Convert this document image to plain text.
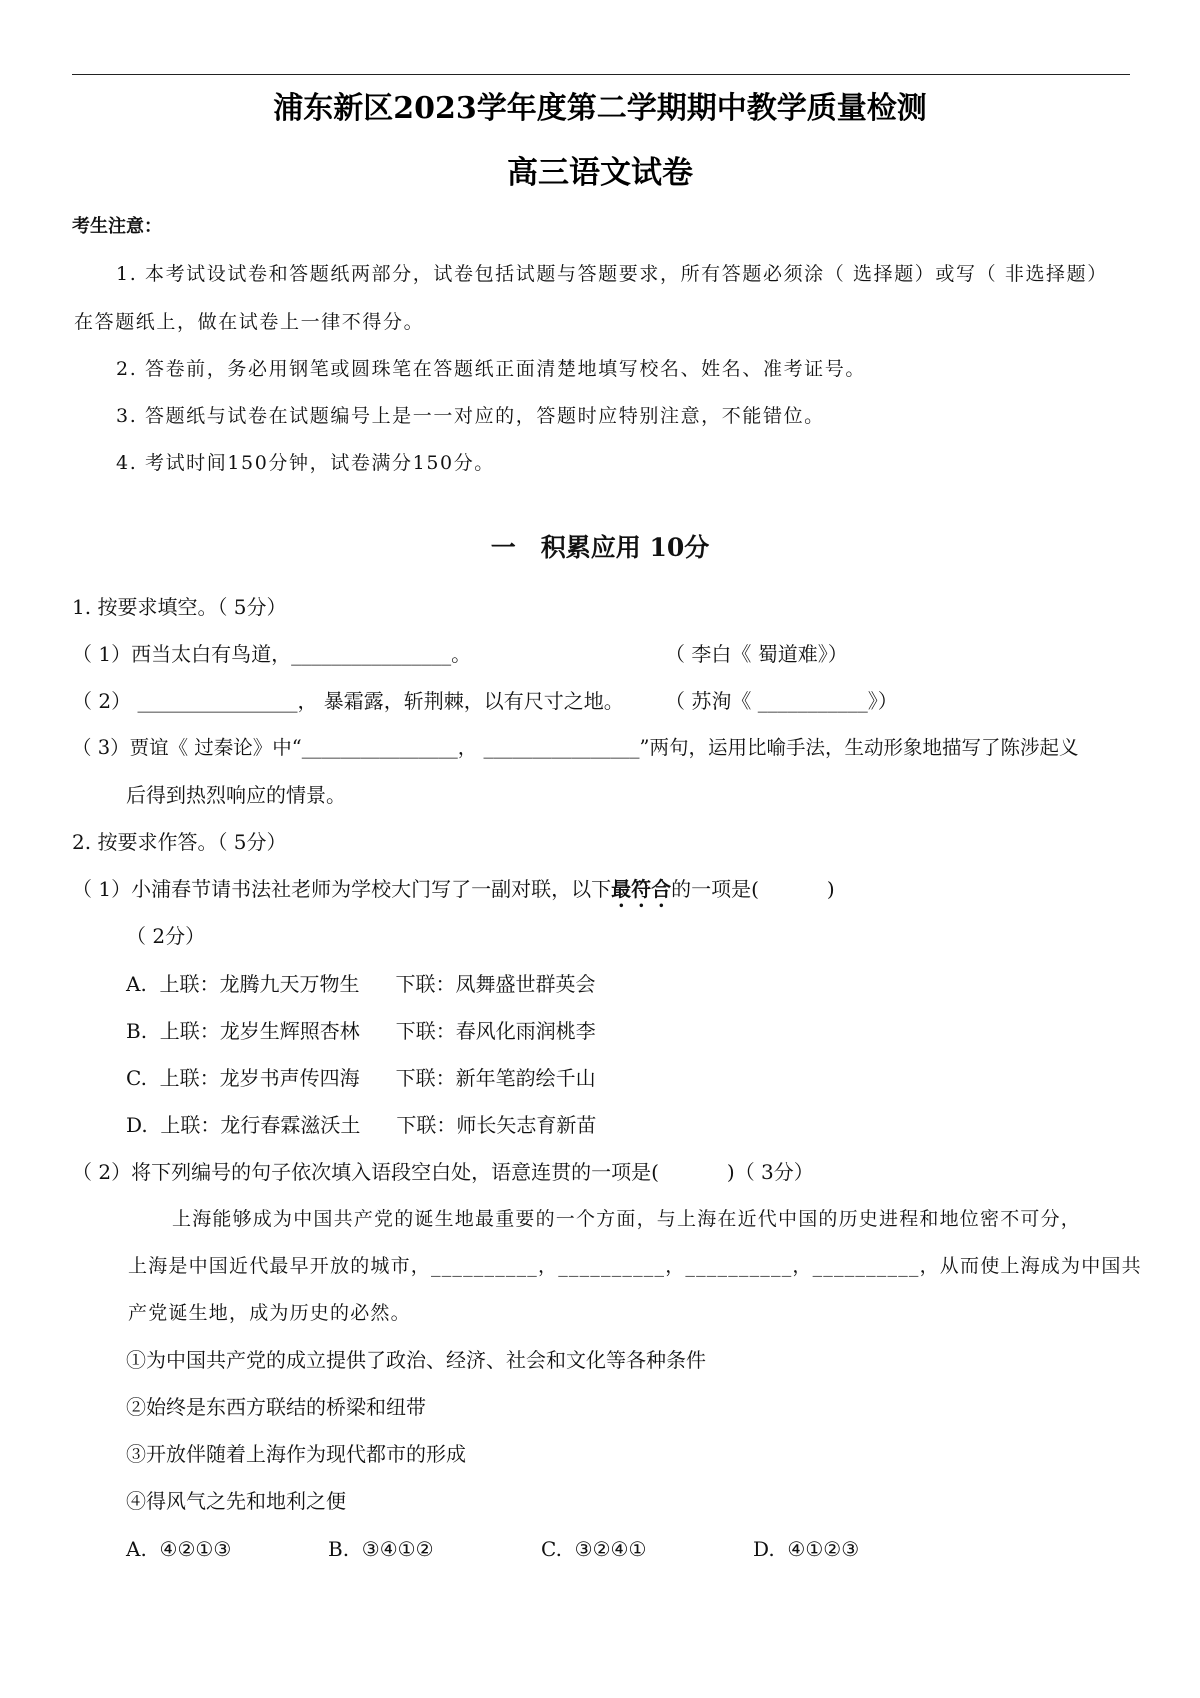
浦东新区2023学年度第二学期期中教学质量检测
高三语文试卷
考生注意：
1. 本考试设试卷和答题纸两部分，试卷包括试题与答题要求，所有答题必须涂（ 选择题）或写（ 非选择题）
在答题纸上，做在试卷上一律不得分。
2. 答卷前，务必用钢笔或圆珠笔在答题纸正面清楚地填写校名、姓名、准考证号。
3. 答题纸与试卷在试题编号上是一一对应的，答题时应特别注意，不能错位。
4. 考试时间150分钟，试卷满分150分。
一　积累应用 10分
1. 按要求填空。（ 5分）
（ 1）西当太白有鸟道，________________。	（ 李白《 蜀道难》）
（ 2） ________________， 暴霜露，斩荆棘，以有尺寸之地。 （ 苏洵《 ___________》）
（ 3）贾谊《 过秦论》中“________________， ________________”两句，运用比喻手法，生动形象地描写了陈涉起义
后得到热烈响应的情景。
2. 按要求作答。（ 5分）
（ 1）小浦春节请书法社老师为学校大门写了一副对联，以下最符合的一项是(	)
（ 2分）
A. 上联：龙腾九天万物生 下联：凤舞盛世群英会
B. 上联：龙岁生辉照杏林 下联：春风化雨润桃李
C. 上联：龙岁书声传四海 下联：新年笔韵绘千山
D. 上联：龙行春霖滋沃土 下联：师长矢志育新苗
（ 2）将下列编号的句子依次填入语段空白处，语意连贯的一项是(	)（ 3分）
上海能够成为中国共产党的诞生地最重要的一个方面，与上海在近代中国的历史进程和地位密不可分，
上海是中国近代最早开放的城市，__________，__________，__________，__________，从而使上海成为中国共
产党诞生地，成为历史的必然。
①为中国共产党的成立提供了政治、经济、社会和文化等各种条件
②始终是东西方联结的桥梁和纽带
③开放伴随着上海作为现代都市的形成
④得风气之先和地利之便
A. ④②①③	B. ③④①②	C. ③②④①	D. ④①②③
